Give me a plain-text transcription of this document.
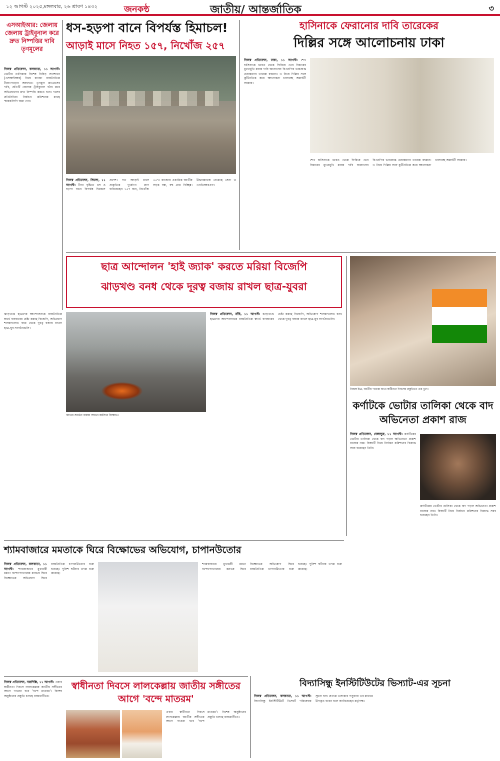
১২ আগস্ট ২০২৫,মঙ্গলবার, ২৬ শ্রাবণ ১৪৩২	জনকন্ঠ	জাতীয়/ আন্তর্জাতিক	৩
এসআইআর: জেলায় জেলায় ট্রাইবুনাল করে দ্রুত নিষ্পত্তির দাবি তৃণমূলের
নিজস্ব প্রতিবেদন, কলকাতা, ১১ আগস্ট: ভোটার তালিকার বিশেষ নিবিড় সংশোধন (এসআইআর) নিয়ে রাজ্যে রাজনৈতিক টানাপোড়েন অব্যাহত। তৃণমূল কংগ্রেসের দাবি, প্রতিটি জেলায় ট্রাইবুনাল গঠন করে অভিযোগের দ্রুত নিষ্পত্তি করতে হবে। দলের প্রতিনিধিরা নির্বাচন কমিশনের কাছে স্মারকলিপি জমা দেন।
ধস-হড়পা বানে বিপর্যস্ত হিমাচল!
আড়াই মাসে নিহত ১৫৭, নিখোঁজ ২৫৭
নিজস্ব প্রতিবেদন, সিমলা, ১১ আগস্ট: টানা বৃষ্টিতে ধস ও হড়পা বানে বিপর্যস্ত হিমাচল প্রদেশ। গত আড়াই মাসে প্রাকৃতিক দুর্যোগে প্রাণ হারিয়েছেন ১৫৭ জন, নিখোঁজ ২৫৭। রাজ্যের একাধিক জাতীয় সড়ক বন্ধ, বহু গ্রাম বিচ্ছিন্ন। উদ্ধারকাজে নেমেছে সেনা ও এনডিআরএফ।
হাসিনাকে ফেরানোর দাবি তারেকের
দিল্লির সঙ্গে আলোচনায় ঢাকা
নিজস্ব প্রতিবেদন, ঢাকা, ১১ আগস্ট: শেখ হাসিনাকে ভারত থেকে ফিরিয়ে এনে বিচারের মুখোমুখি করার দাবি জানালেন বিএনপির ভারপ্রাপ্ত চেয়ারম্যান তারেক রহমান। এ নিয়ে দিল্লির সঙ্গে কূটনৈতিক স্তরে আলোচনা চালাচ্ছে অন্তর্বর্তী সরকার।
শেখ হাসিনাকে ভারত থেকে ফিরিয়ে এনে বিচারের মুখোমুখি করার দাবি জানালেন বিএনপির ভারপ্রাপ্ত চেয়ারম্যান তারেক রহমান। এ নিয়ে দিল্লির সঙ্গে কূটনৈতিক স্তরে আলোচনা চালাচ্ছে অন্তর্বর্তী সরকার।
ছাত্র আন্দোলন 'হাই জ্যাক' করতে মরিয়া বিজেপি
ঝাড়খণ্ড বনধ থেকে দূরত্ব বজায় রাখল ছাত্র-যুবরা
ঝাড়খণ্ডে ছাত্রদের আন্দোলনকে রাজনৈতিক স্বার্থে ব্যবহারের চেষ্টা করছে বিজেপি, অভিযোগ শাসকদলের। বনধ থেকে দূরত্ব বজায় রাখল ছাত্র-যুব সংগঠনগুলি।
বনধের সমর্থনে রাস্তায় আগুন জ্বালিয়ে বিক্ষোভ।
নিজস্ব প্রতিবেদন, রাঁচি, ১১ আগস্ট: ঝাড়খণ্ডে ছাত্রদের আন্দোলনকে রাজনৈতিক স্বার্থে ব্যবহারের চেষ্টা করছে বিজেপি, অভিযোগ শাসকদলের। বনধ থেকে দূরত্ব বজায় রাখল ছাত্র-যুব সংগঠনগুলি।
নিজস্ব চিত্র, জাতীয় পতাকা হাতে স্বাধীনতা দিবসের প্রস্তুতিতে এক খুদে।
কর্ণাটকে ভোটার তালিকা থেকে বাদ অভিনেতা প্রকাশ রাজ
নিজস্ব প্রতিবেদন, বেঙ্গালুরু, ১১ আগস্ট: কর্ণাটকের ভোটার তালিকা থেকে বাদ পড়ল অভিনেতা প্রকাশ রাজের নাম। বিষয়টি নিয়ে নির্বাচন কমিশনের বিরুদ্ধে সরব হয়েছেন তিনি।
কর্ণাটকের ভোটার তালিকা থেকে বাদ পড়ল অভিনেতা প্রকাশ রাজের নাম। বিষয়টি নিয়ে নির্বাচন কমিশনের বিরুদ্ধে সরব হয়েছেন তিনি।
শ্যামবাজারে মমতাকে ঘিরে বিক্ষোভের অভিযোগ, চাপানউতোর
নিজস্ব প্রতিবেদন, কলকাতা, ১১ আগস্ট: শ্যামবাজারে মুখ্যমন্ত্রী মমতা বন্দ্যোপাধ্যায়ের কনভয় ঘিরে বিক্ষোভের অভিযোগ ঘিরে রাজনৈতিক চাপানউতোর শুরু হয়েছে। পুলিশ ঘটনার তদন্ত শুরু করেছে।
শ্যামবাজারে মুখ্যমন্ত্রী মমতা বন্দ্যোপাধ্যায়ের কনভয় ঘিরে বিক্ষোভের অভিযোগ ঘিরে রাজনৈতিক চাপানউতোর শুরু হয়েছে। পুলিশ ঘটনার তদন্ত শুরু করেছে।
স্বাধীনতা দিবসে লালকেল্লায় জাতীয় সঙ্গীতের আগে 'বন্দে মাতরম'
নিজস্ব প্রতিবেদন, নয়াদিল্লি, ১১ আগস্ট: এবার স্বাধীনতা দিবসে লালকেল্লায় জাতীয় সঙ্গীতের আগে গাওয়া হবে 'বন্দে মাতরম'। বিশেষ অনুষ্ঠানের প্রস্তুতি চলছে রাজধানীতে।
এবার স্বাধীনতা দিবসে লালকেল্লায় জাতীয় সঙ্গীতের আগে গাওয়া হবে 'বন্দে মাতরম'। বিশেষ অনুষ্ঠানের প্রস্তুতি চলছে রাজধানীতে।
বিদ্যাসিন্ধু ইনস্টিটিউটের ভিস্যাট-এর সূচনা
নিজস্ব প্রতিবেদন, কলকাতা, ১১ আগস্ট: বিদ্যাসিন্ধু ইনস্টিটিউটে ভিস্যাট পরিষেবার সূচনা হল। প্রত্যন্ত এলাকার পড়ুয়ারা এর মাধ্যমে উপকৃত হবেন বলে জানিয়েছেন কর্তৃপক্ষ।
